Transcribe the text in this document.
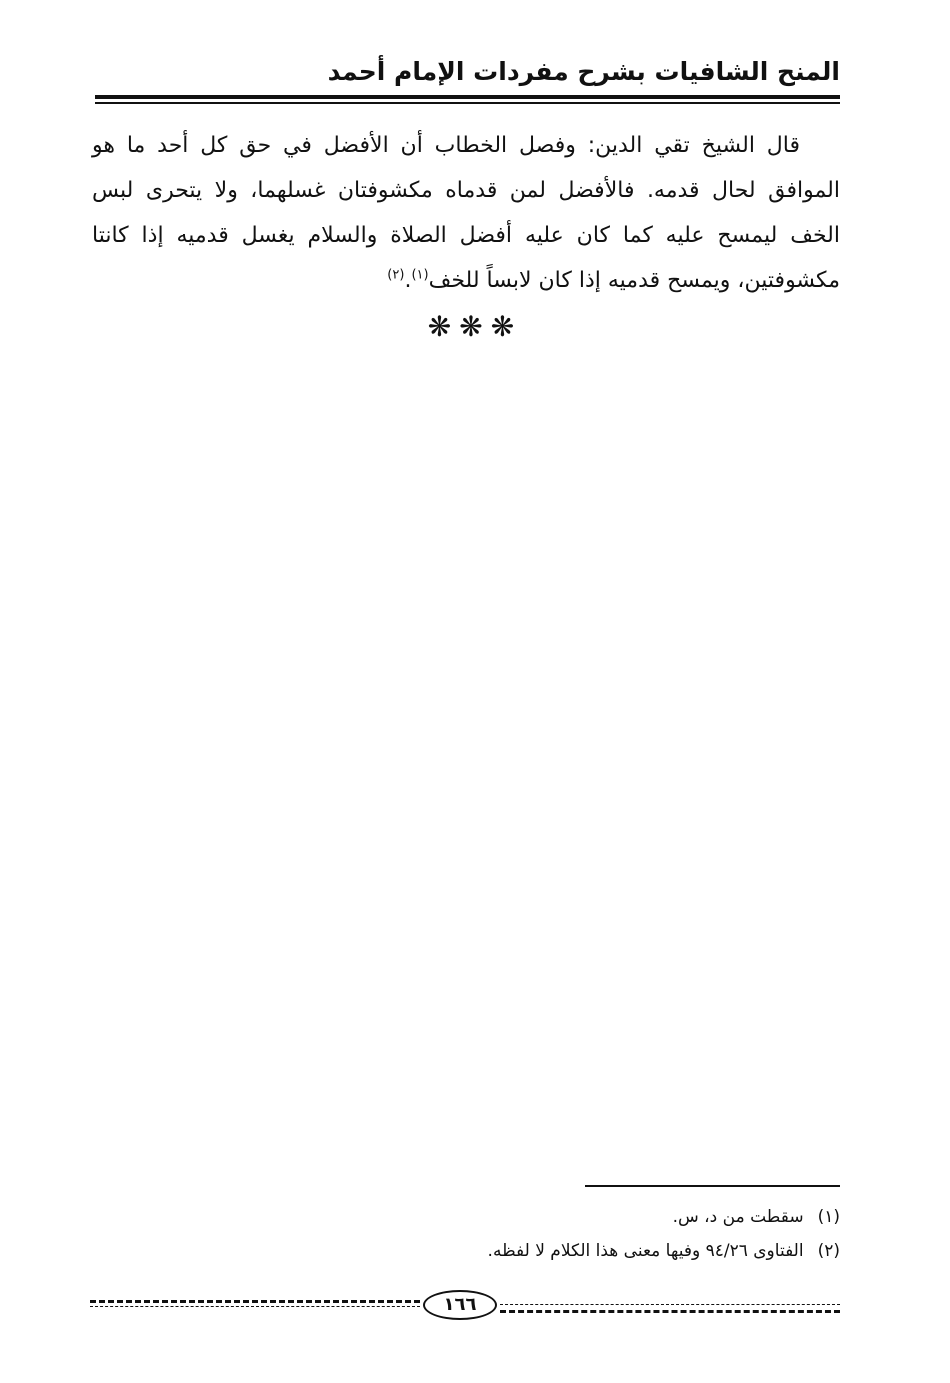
المنح الشافيات بشرح مفردات الإمام أحمد

قال الشيخ تقي الدين: وفصل الخطاب أن الأفضل في حق كل أحد ما هو الموافق لحال قدمه. فالأفضل لمن قدماه مكشوفتان غسلهما، ولا يتحرى لبس الخف ليمسح عليه كما كان عليه أفضل الصلاة والسلام يغسل قدميه إذا كانتا مكشوفتين، ويمسح قدميه إذا كان لابساً للخف$^{(١)}$.$^{(٢)}$

❋❋❋
(١)سقطت من د، س.
(٢)الفتاوى ٩٤/٢٦ وفيها معنى هذا الكلام لا لفظه.
١٦٦
